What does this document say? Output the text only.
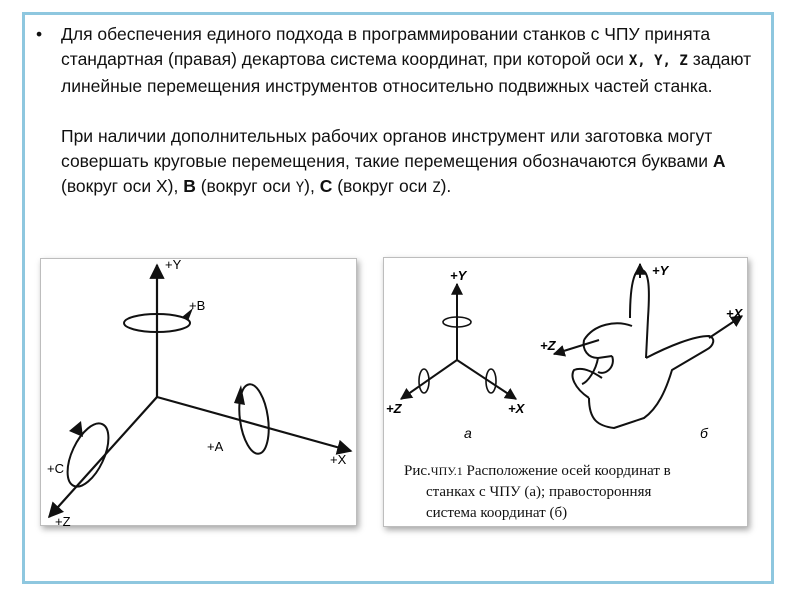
• Для обеспечения единого подхода в программировании станков с ЧПУ принята стандартная (правая) декартова система координат, при которой оси X, Y, Z задают линейные перемещения инструментов относительно подвижных частей станка.
При наличии дополнительных рабочих органов инструмент или заготовка могут совершать круговые перемещения, такие перемещения обозначаются буквами A (вокруг оси X), B (вокруг оси Y), C (вокруг оси Z).
+Y
+B
+A
+X
+C
+Z
+Y
+X
+Z
a
+Y
+X
+Z
б
Рис.ЧПУ.1 Расположение осей координат в
станках с ЧПУ (а); правосторонняя
система координат (б)
